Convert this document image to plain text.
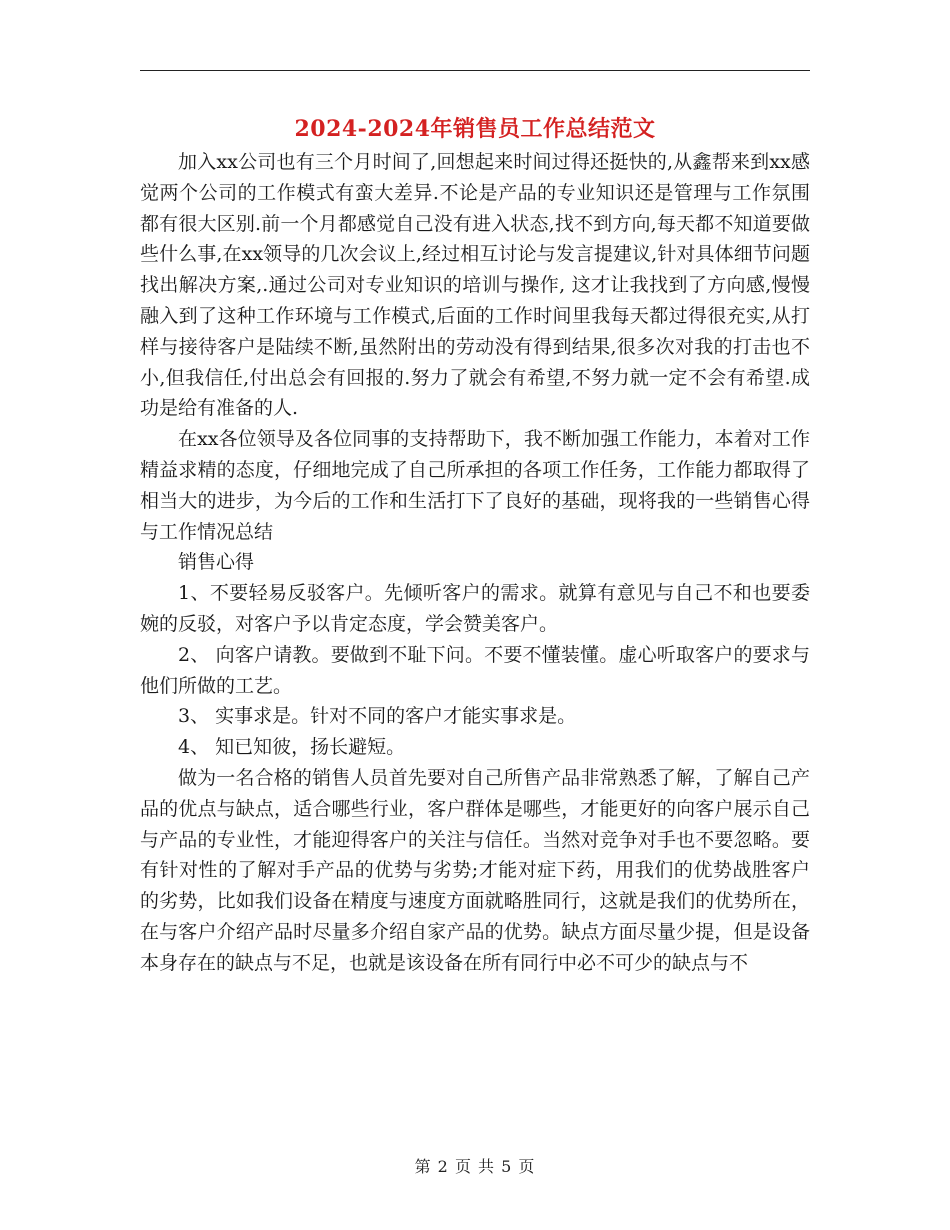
2024-2024年销售员工作总结范文

加入xx公司也有三个月时间了,回想起来时间过得还挺快的,从鑫帮来到xx感觉两个公司的工作模式有蛮大差异.不论是产品的专业知识还是管理与工作氛围都有很大区别.前一个月都感觉自己没有进入状态,找不到方向,每天都不知道要做些什么事,在xx领导的几次会议上,经过相互讨论与发言提建议,针对具体细节问题找出解决方案,.通过公司对专业知识的培训与操作, 这才让我找到了方向感,慢慢融入到了这种工作环境与工作模式,后面的工作时间里我每天都过得很充实,从打样与接待客户是陆续不断,虽然附出的劳动没有得到结果,很多次对我的打击也不小,但我信任,付出总会有回报的.努力了就会有希望,不努力就一定不会有希望.成功是给有准备的人.

在xx各位领导及各位同事的支持帮助下，我不断加强工作能力，本着对工作精益求精的态度，仔细地完成了自己所承担的各项工作任务，工作能力都取得了相当大的进步，为今后的工作和生活打下了良好的基础，现将我的一些销售心得与工作情况总结

销售心得

1、不要轻易反驳客户。先倾听客户的需求。就算有意见与自己不和也要委婉的反驳，对客户予以肯定态度，学会赞美客户。

2、 向客户请教。要做到不耻下问。不要不懂装懂。虚心听取客户的要求与他们所做的工艺。

3、 实事求是。针对不同的客户才能实事求是。

4、 知已知彼，扬长避短。

做为一名合格的销售人员首先要对自己所售产品非常熟悉了解，了解自己产品的优点与缺点，适合哪些行业，客户群体是哪些，才能更好的向客户展示自己与产品的专业性，才能迎得客户的关注与信任。当然对竞争对手也不要忽略。要有针对性的了解对手产品的优势与劣势;才能对症下药，用我们的优势战胜客户的劣势，比如我们设备在精度与速度方面就略胜同行，这就是我们的优势所在，在与客户介绍产品时尽量多介绍自家产品的优势。缺点方面尽量少提，但是设备本身存在的缺点与不足，也就是该设备在所有同行中必不可少的缺点与不

第 2 页 共 5 页
